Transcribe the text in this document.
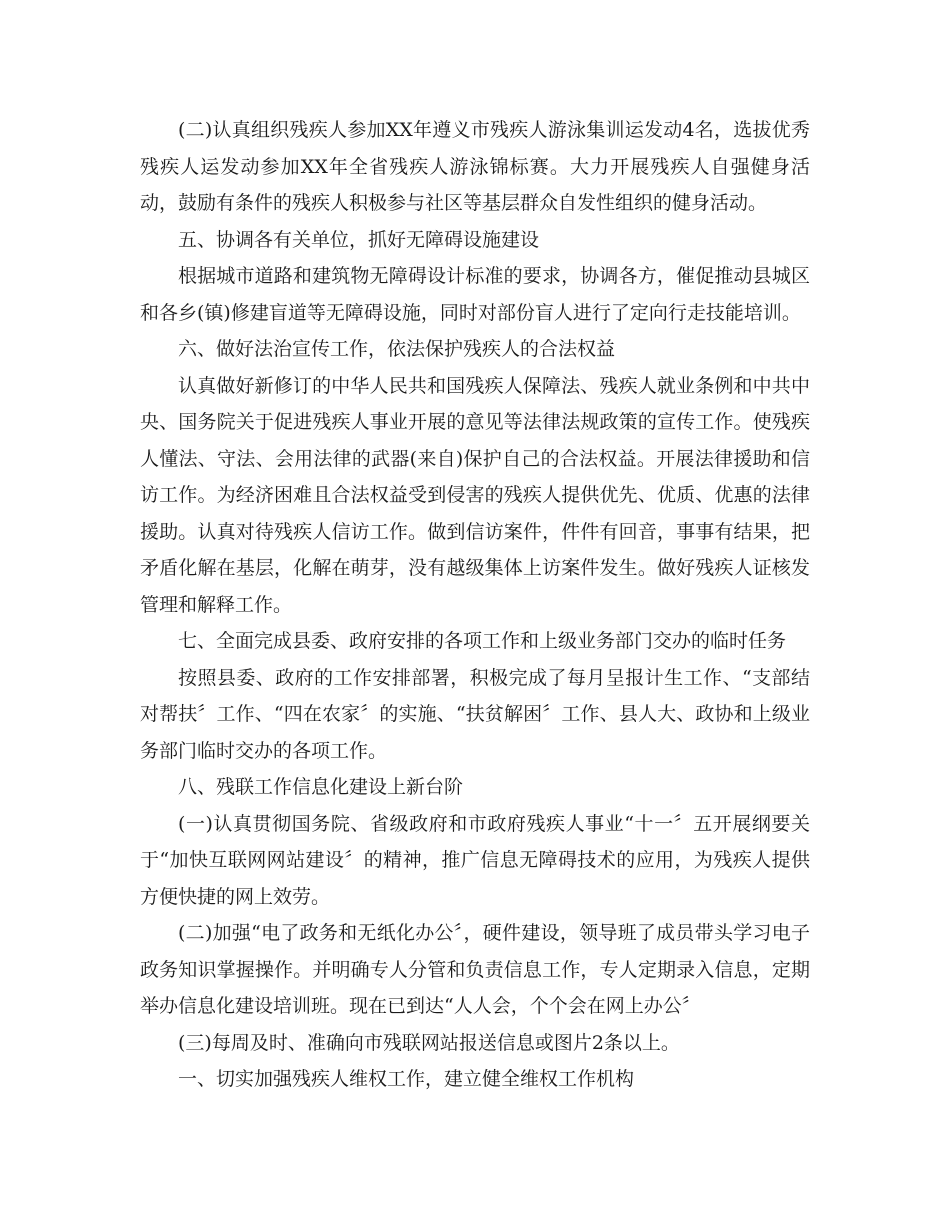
(二)认真组织残疾人参加XX年遵义市残疾人游泳集训运发动4名，选拔优秀残疾人运发动参加XX年全省残疾人游泳锦标赛。大力开展残疾人自强健身活动，鼓励有条件的残疾人积极参与社区等基层群众自发性组织的健身活动。

五、协调各有关单位，抓好无障碍设施建设

根据城市道路和建筑物无障碍设计标准的要求，协调各方，催促推动县城区和各乡(镇)修建盲道等无障碍设施，同时对部份盲人进行了定向行走技能培训。

六、做好法治宣传工作，依法保护残疾人的合法权益

认真做好新修订的中华人民共和国残疾人保障法、残疾人就业条例和中共中央、国务院关于促进残疾人事业开展的意见等法律法规政策的宣传工作。使残疾人懂法、守法、会用法律的武器(来自)保护自己的合法权益。开展法律援助和信访工作。为经济困难且合法权益受到侵害的残疾人提供优先、优质、优惠的法律援助。认真对待残疾人信访工作。做到信访案件，件件有回音，事事有结果，把矛盾化解在基层，化解在萌芽，没有越级集体上访案件发生。做好残疾人证核发管理和解释工作。

七、全面完成县委、政府安排的各项工作和上级业务部门交办的临时任务

按照县委、政府的工作安排部署，积极完成了每月呈报计生工作、“支部结对帮扶〞工作、“四在农家〞的实施、“扶贫解困〞工作、县人大、政协和上级业务部门临时交办的各项工作。

八、残联工作信息化建设上新台阶

(一)认真贯彻国务院、省级政府和市政府残疾人事业“十一〞五开展纲要关于“加快互联网网站建设〞的精神，推广信息无障碍技术的应用，为残疾人提供方便快捷的网上效劳。

(二)加强“电了政务和无纸化办公〞，硬件建设，领导班了成员带头学习电子政务知识掌握操作。并明确专人分管和负责信息工作，专人定期录入信息，定期举办信息化建设培训班。现在已到达“人人会，个个会在网上办公〞

(三)每周及时、准确向市残联网站报送信息或图片2条以上。

一、切实加强残疾人维权工作，建立健全维权工作机构
